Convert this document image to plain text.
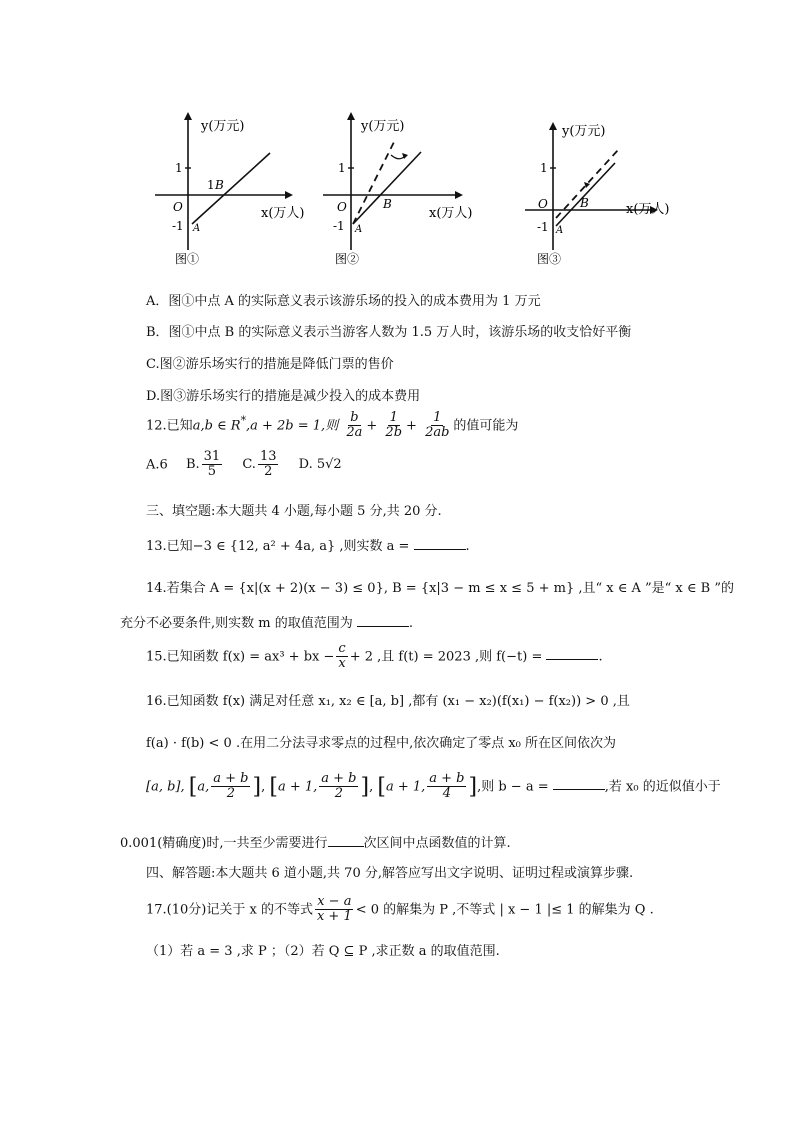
y(万元)
x(万人)
1
O
-1 A
1 B
图①
y(万元)
x(万人)
1
O
-1 A
B
图②
y(万元)
x(万人)
1
O
-1 A
B
图③
A．图①中点 A 的实际意义表示该游乐场的投入的成本费用为 1 万元
B．图①中点 B 的实际意义表示当游客人数为 1.5 万人时，该游乐场的收支恰好平衡
C.图②游乐场实行的措施是降低门票的售价
D.图③游乐场实行的措施是减少投入的成本费用
12.已知a,b ∈ R*,a + 2b = 1,则 $\frac{b}{2a} + \frac{1}{2b} + \frac{1}{2ab}$ 的值可能为
A.6 B. $\frac{31}{5} C$. $\frac{13}{2} D$. 5√2
三、填空题:本大题共 4 小题,每小题 5 分,共 20 分.
13.已知−3 ∈ {12, a² + 4a, a} ,则实数 a =	.
14.若集合 A = {x|(x + 2)(x − 3) ≤ 0}, B = {x|3 − m ≤ x ≤ 5 + m} ,且“ x ∈ A ”是“ x ∈ B ”的
充分不必要条件,则实数 m 的取值范围为	.
15.已知函数 f(x) = ax³ + bx − $\frac{c}{x} + 2$ ,且 f(t) = 2023 ,则 f(−t) =	.
16.已知函数 f(x) 满足对任意 x₁, x₂ ∈ [a, b] ,都有 (x₁ − x₂)(f(x₁) − f(x₂)) > 0 ,且
f(a) · f(b) < 0 .在用二分法寻求零点的过程中,依次确定了零点 x₀ 所在区间依次为
[a, b], [a, $\frac{a + b}{2}$ ], [a + 1, $\frac{a + b}{2}$ ], [a + 1, $\frac{a + b}{4}$ ],则 b − a =	,若 x₀ 的近似值小于
0.001(精确度)时,一共至少需要进行	次区间中点函数值的计算.
四、解答题:本大题共 6 道小题,共 70 分,解答应写出文字说明、证明过程或演算步骤.
17.(10分)记关于 x 的不等式 $\frac{x - a}{x + 1} < 0$ 的解集为 P ,不等式 | x − 1 |≤ 1 的解集为 Q .
（1）若 a = 3 ,求 P ；（2）若 Q ⊆ P ,求正数 a 的取值范围.
